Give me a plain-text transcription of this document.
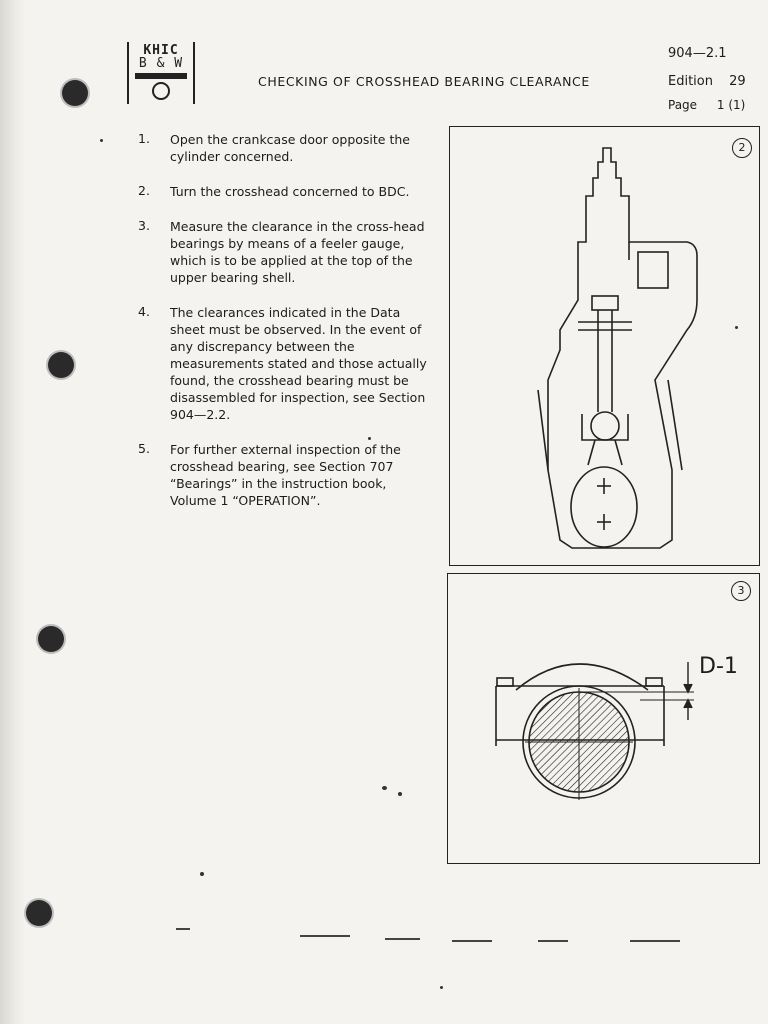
KHIC
B & W
CHECKING OF CROSSHEAD BEARING CLEARANCE
904—2.1
Edition 29
Page 1 (1)
1.	Open the crankcase door opposite the cylinder concerned.
2.	Turn the crosshead concerned to BDC.
3.	Measure the clearance in the cross-head bearings by means of a feeler gauge, which is to be applied at the top of the upper bearing shell.
4.	The clearances indicated in the Data sheet must be observed. In the event of any discrepancy between the measurements stated and those actually found, the crosshead bearing must be disassembled for inspection, see Section 904—2.2.
5.	For further external inspection of the crosshead bearing, see Section 707 “Bearings” in the instruction book, Volume 1 “OPERATION”.
2
3
D-1
